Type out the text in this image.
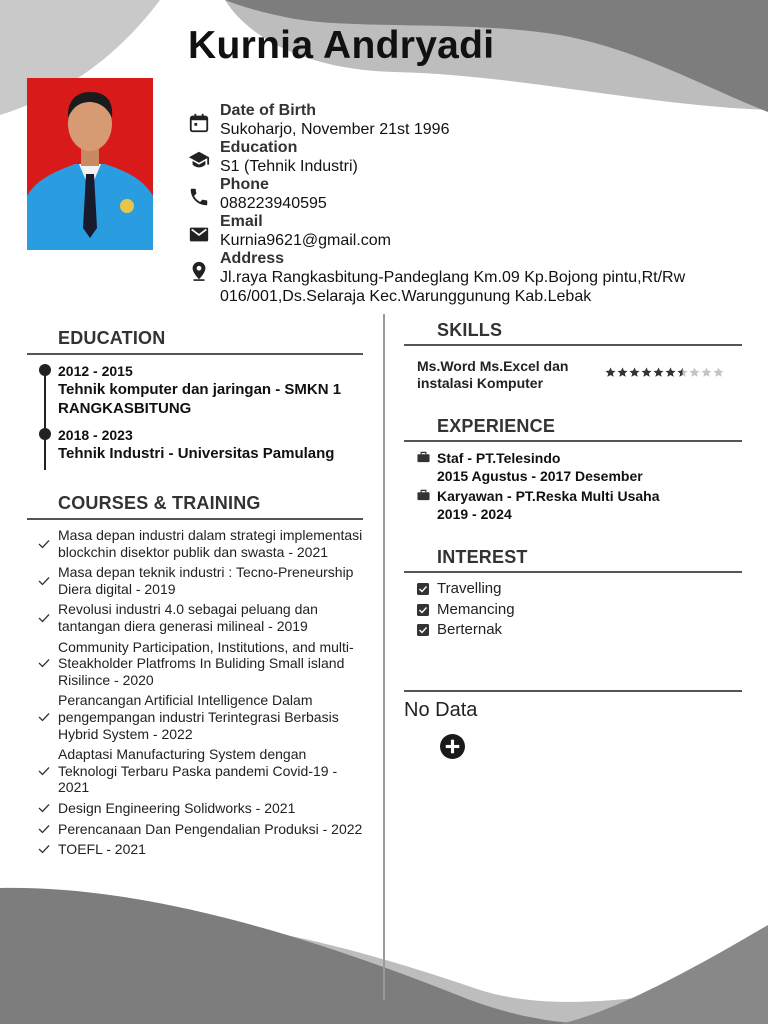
Kurnia Andryadi
Date of Birth
Sukoharjo, November 21st 1996
Education
S1 (Tehnik Industri)
Phone
088223940595
Email
Kurnia9621@gmail.com
Address
Jl.raya Rangkasbitung-Pandeglang Km.09 Kp.Bojong pintu,Rt/Rw
016/001,Ds.Selaraja Kec.Warunggunung Kab.Lebak
EDUCATION
2012 - 2015
Tehnik komputer dan jaringan - SMKN 1 RANGKASBITUNG
2018 - 2023
Tehnik Industri - Universitas Pamulang
COURSES & TRAINING
Masa depan industri dalam strategi implementasi blockchin disektor publik dan swasta - 2021
Masa depan teknik industri : Tecno-Preneurship Diera digital - 2019
Revolusi industri 4.0 sebagai peluang dan tantangan diera generasi milineal - 2019
Community Participation, Institutions, and multi-Steakholder Platfroms In Buliding Small island Risilince - 2020
Perancangan Artificial Intelligence Dalam pengempangan industri Terintegrasi Berbasis Hybrid System - 2022
Adaptasi Manufacturing System dengan Teknologi Terbaru Paska pandemi Covid-19 - 2021
Design Engineering Solidworks - 2021
Perencanaan Dan Pengendalian Produksi - 2022
TOEFL - 2021
SKILLS
Ms.Word Ms.Excel dan instalasi Komputer
EXPERIENCE
Staf - PT.Telesindo
2015 Agustus - 2017 Desember
Karyawan - PT.Reska Multi Usaha
2019 - 2024
INTEREST
Travelling
Memancing
Berternak
No Data
